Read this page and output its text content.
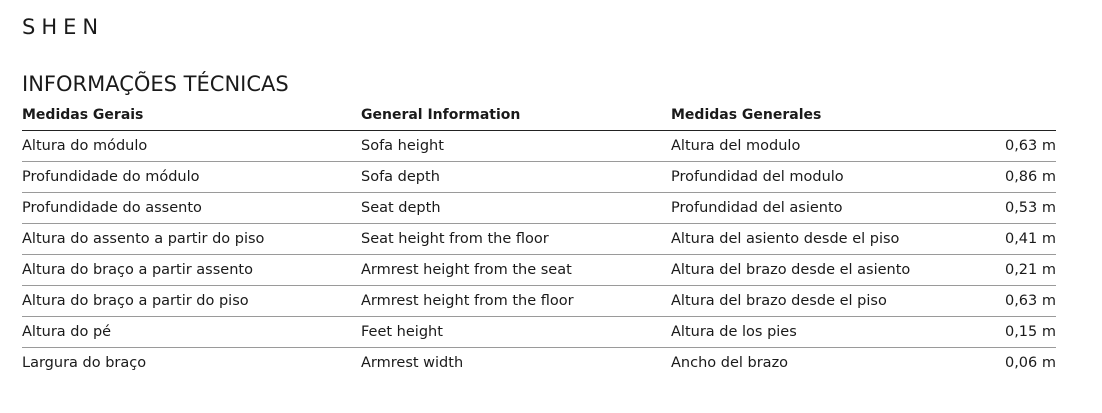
SHEN
INFORMAÇÕES TÉCNICAS
Medidas Gerais	General Information	Medidas Generales	
Altura do módulo	Sofa height	Altura del modulo	0,63 m
Profundidade do módulo	Sofa depth	Profundidad del modulo	0,86 m
Profundidade do assento	Seat depth	Profundidad del asiento	0,53 m
Altura do assento a partir do piso	Seat height from the floor	Altura del asiento desde el piso	0,41 m
Altura do braço a partir assento	Armrest height from the seat	Altura del brazo desde el asiento	0,21 m
Altura do braço a partir do piso	Armrest height from the floor	Altura del brazo desde el piso	0,63 m
Altura do pé	Feet height	Altura de los pies	0,15 m
Largura do braço	Armrest width	Ancho del brazo	0,06 m
